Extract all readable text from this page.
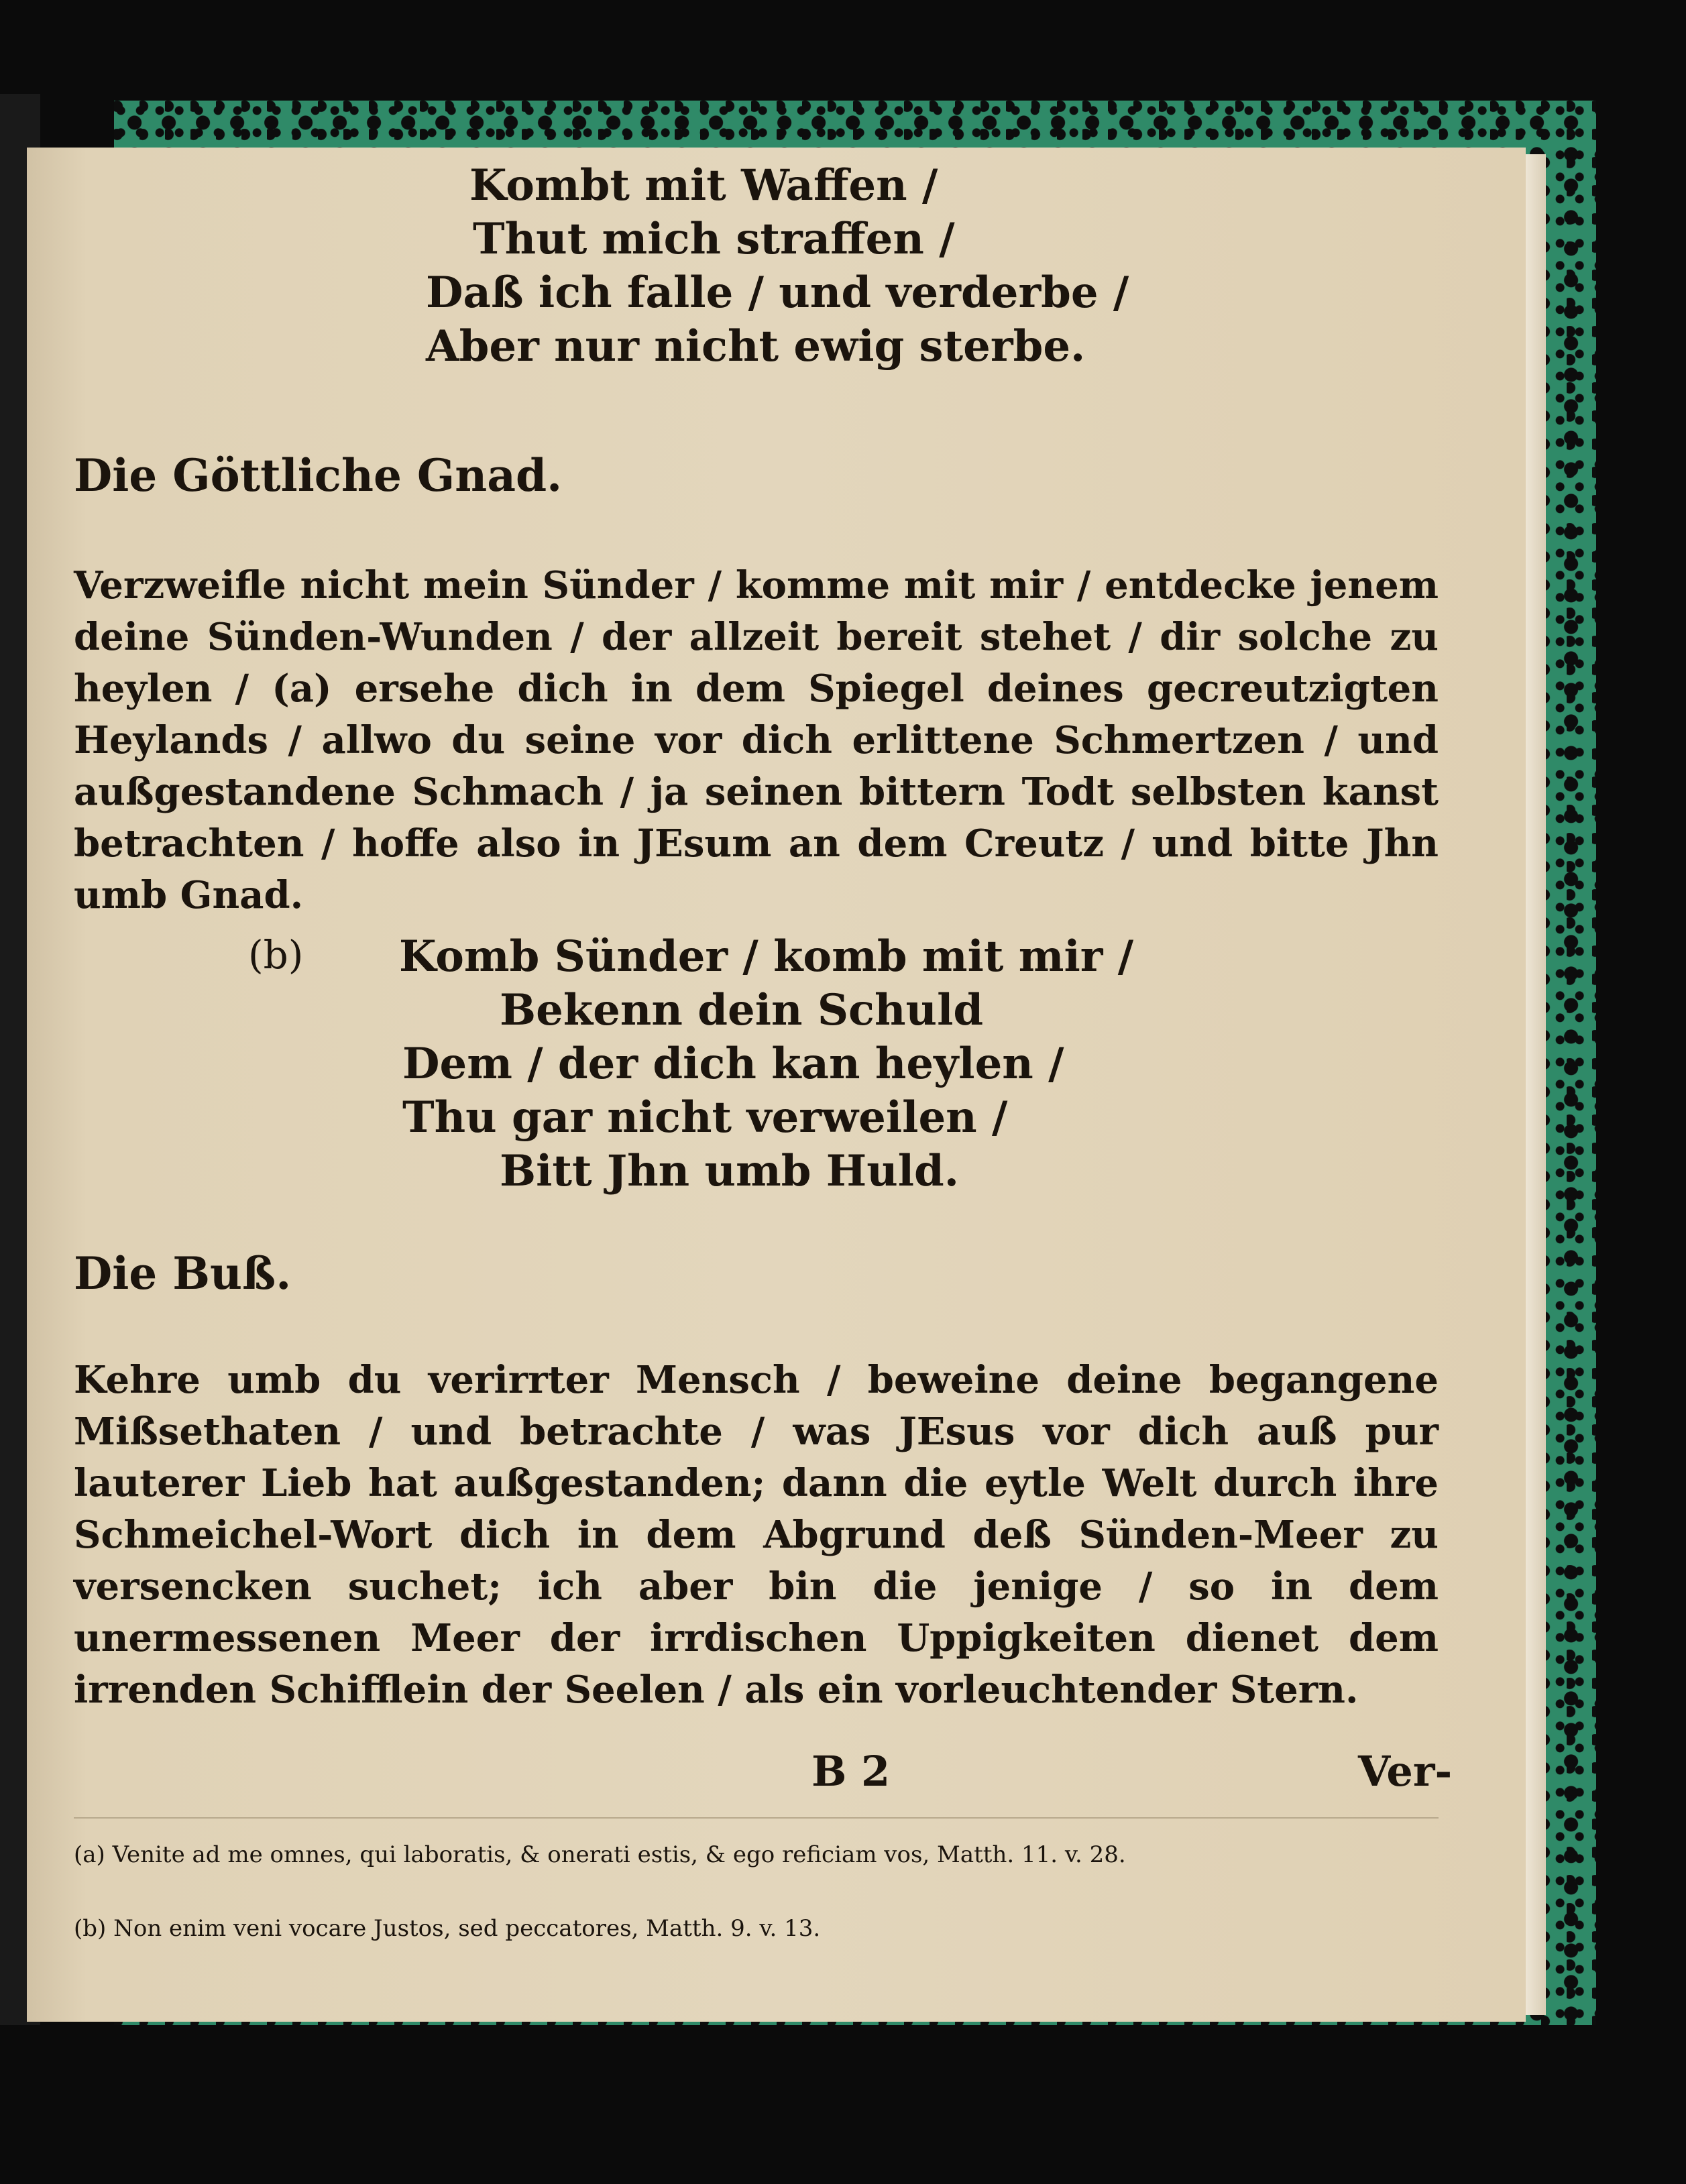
Kombt mit Waffen /
Thut mich straffen /
Daß ich falle / und verderbe /
Aber nur nicht ewig sterbe.
Die Göttliche Gnad.
Verzweifle nicht mein Sünder / komme mit mir / entdecke jenem deine Sünden-Wunden / der allzeit bereit stehet / dir solche zu heylen / (a) ersehe dich in dem Spiegel deines gecreutzigten Heylands / allwo du seine vor dich erlittene Schmertzen / und außgestandene Schmach / ja seinen bittern Todt selbsten kanst betrachten / hoffe also in JEsum an dem Creutz / und bitte Jhn umb Gnad.
(b) Komb Sünder / komb mit mir /
Bekenn dein Schuld
Dem / der dich kan heylen /
Thu gar nicht verweilen /
Bitt Jhn umb Huld.
Die Buß.
Kehre umb du verirrter Mensch / beweine deine begangene Mißsethaten / und betrachte / was JEsus vor dich auß pur lauterer Lieb hat außgestanden; dann die eytle Welt durch ihre Schmeichel-Wort dich in dem Abgrund deß Sünden-Meer zu versencken suchet; ich aber bin die jenige / so in dem unermessenen Meer der irrdischen Uppigkeiten dienet dem irrenden Schifflein der Seelen / als ein vorleuchtender Stern.
B 2	Ver-
(a) Venite ad me omnes, qui laboratis, & onerati estis, & ego reficiam vos, Matth. 11. v. 28.
(b) Non enim veni vocare Justos, sed peccatores, Matth. 9. v. 13.
